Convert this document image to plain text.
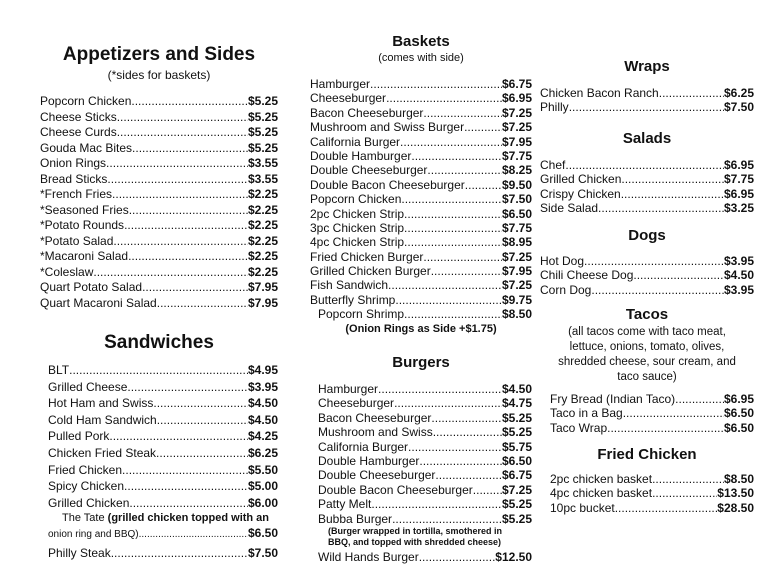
Appetizers and Sides
(*sides for baskets)
Popcorn Chicken .....	$5.25
Cheese Sticks .....	$5.25
Cheese Curds .....	$5.25
Gouda Mac Bites .....	$5.25
Onion Rings .....	$3.55
Bread Sticks .....	$3.55
*French Fries .....	$2.25
*Seasoned Fries .....	$2.25
*Potato Rounds .....	$2.25
*Potato Salad .....	$2.25
*Macaroni Salad .....	$2.25
*Coleslaw .....	$2.25
Quart Potato Salad .....	$7.95
Quart Macaroni Salad .....	$7.95
Sandwiches
BLT .....	$4.95
Grilled Cheese .....	$3.95
Hot Ham and Swiss .....	$4.50
Cold Ham Sandwich .....	$4.50
Pulled Pork .....	$4.25
Chicken Fried Steak .....	$6.25
Fried Chicken .....	$5.50
Spicy Chicken .....	$5.00
Grilled Chicken .....	$6.00
The Tate (grilled chicken topped with an
onion ring and BBQ) .....	$6.50
Philly Steak .....	$7.50
Baskets
(comes with side)
Hamburger .....	$6.75
Cheeseburger .....	$6.95
Bacon Cheeseburger .....	$7.25
Mushroom and Swiss Burger .....	$7.25
California Burger .....	$7.95
Double Hamburger .....	$7.75
Double Cheeseburger .....	$8.25
Double Bacon Cheeseburger .....	$9.50
Popcorn Chicken .....	$7.50
2pc Chicken Strip .....	$6.50
3pc Chicken Strip .....	$7.75
4pc Chicken Strip .....	$8.95
Fried Chicken Burger .....	$7.25
Grilled Chicken Burger .....	$7.95
Fish Sandwich .....	$7.25
Butterfly Shrimp .....	$9.75
Popcorn Shrimp .....	$8.50
(Onion Rings as Side +$1.75)
Burgers
Hamburger .....	$4.50
Cheeseburger .....	$4.75
Bacon Cheeseburger .....	$5.25
Mushroom and Swiss .....	$5.25
California Burger .....	$5.75
Double Hamburger .....	$6.50
Double Cheeseburger .....	$6.75
Double Bacon Cheeseburger ..... $7.25
Patty Melt .....	$5.25
Bubba Burger .....	$5.25
(Burger wrapped in tortilla, smothered in
BBQ, and topped with shredded cheese)
Wild Hands Burger .....	$12.50
Wraps
Chicken Bacon Ranch .....	$6.25
Philly .....	$7.50
Salads
Chef .....	$6.95
Grilled Chicken .....	$7.75
Crispy Chicken .....	$6.95
Side Salad .....	$3.25
Dogs
Hot Dog .....	$3.95
Chili Cheese Dog .....	$4.50
Corn Dog .....	$3.95
Tacos
(all tacos come with taco meat, lettuce, onions, tomato, olives, shredded cheese, sour cream, and taco sauce)
Fry Bread (Indian Taco) .....	$6.95
Taco in a Bag .....	$6.50
Taco Wrap .....	$6.50
Fried Chicken
2pc chicken basket .....	$8.50
4pc chicken basket .....	$13.50
10pc bucket .....	$28.50
